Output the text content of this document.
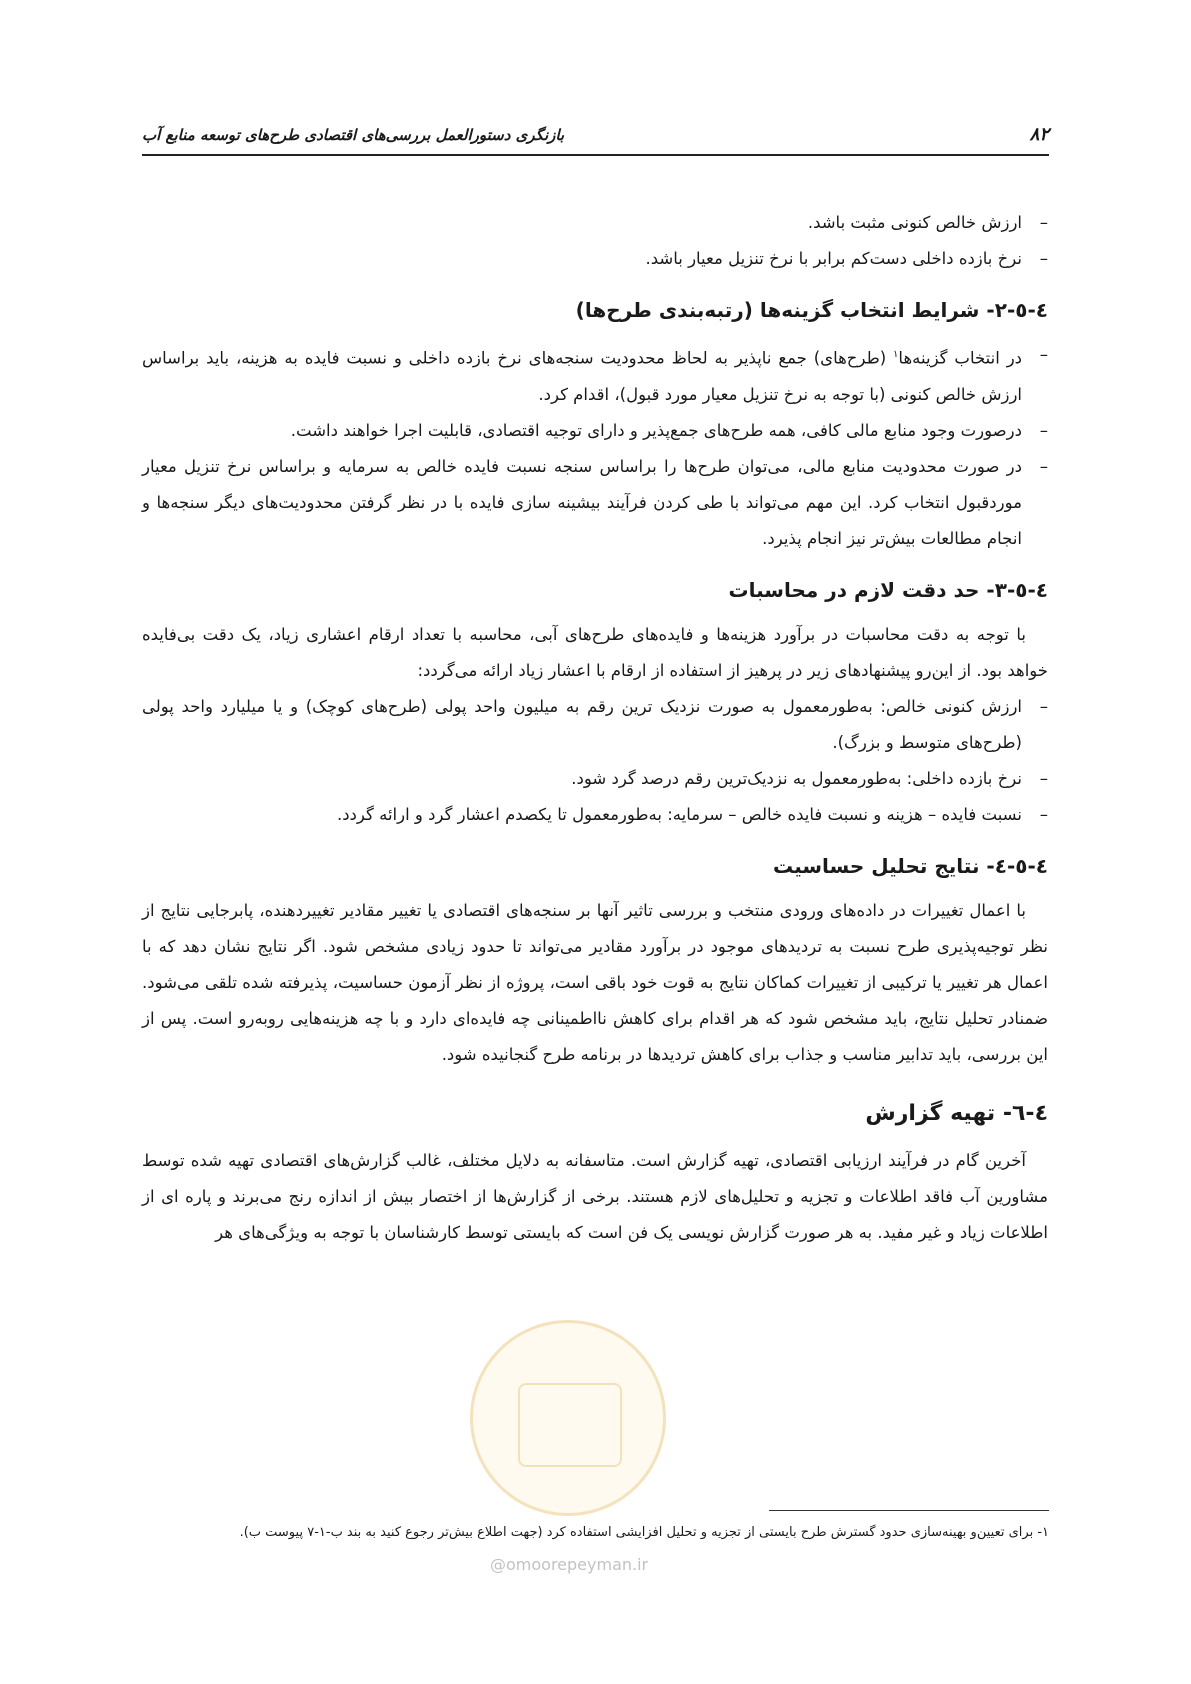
بازنگری دستورالعمل بررسی‌های اقتصادی طرح‌های توسعه منابع آب	۸۲
– ارزش خالص کنونی مثبت باشد.
– نرخ بازده داخلی دست‌کم برابر با نرخ تنزیل معیار باشد.
٤-٥-٢- شرایط انتخاب گزینه‌ها (رتبه‌بندی طرح‌ها)
– در انتخاب گزینه‌ها$^۱$ (طرح‌های) جمع ناپذیر به لحاظ محدودیت سنجه‌های نرخ بازده داخلی و نسبت فایده به هزینه، باید براساس ارزش خالص کنونی (با توجه به نرخ تنزیل معیار مورد قبول)، اقدام کرد.
– درصورت وجود منابع مالی کافی، همه طرح‌های جمع‌پذیر و دارای توجیه اقتصادی، قابلیت اجرا خواهند داشت.
– در صورت محدودیت منابع مالی، می‌توان طرح‌ها را براساس سنجه نسبت فایده خالص به سرمایه و براساس نرخ تنزیل معیار موردقبول انتخاب کرد. این مهم می‌تواند با طی کردن فرآیند بیشینه سازی فایده با در نظر گرفتن محدودیت‌های دیگر سنجه‌ها و انجام مطالعات بیش‌تر نیز انجام پذیرد.
٤-٥-٣- حد دقت لازم در محاسبات

با توجه به دقت محاسبات در برآورد هزینه‌ها و فایده‌های طرح‌های آبی، محاسبه با تعداد ارقام اعشاری زیاد، یک دقت بی‌فایده خواهد بود. از این‌رو پیشنهادهای زیر در پرهیز از استفاده از ارقام با اعشار زیاد ارائه می‌گردد:

– ارزش کنونی خالص: به‌طورمعمول به صورت نزدیک ترین رقم به میلیون واحد پولی (طرح‌های کوچک) و یا میلیارد واحد پولی (طرح‌های متوسط و بزرگ).
– نرخ بازده داخلی: به‌طورمعمول به نزدیک‌ترین رقم درصد گرد شود.
– نسبت فایده – هزینه و نسبت فایده خالص – سرمایه: به‌طورمعمول تا یکصدم اعشار گرد و ارائه گردد.
٤-٥-٤- نتایج تحلیل حساسیت

با اعمال تغییرات در داده‌های ورودی منتخب و بررسی تاثیر آنها بر سنجه‌های اقتصادی یا تغییر مقادیر تغییردهنده، پابرجایی نتایج از نظر توجیه‌پذیری طرح نسبت به تردیدهای موجود در برآورد مقادیر می‌تواند تا حدود زیادی مشخص شود. اگر نتایج نشان دهد که با اعمال هر تغییر یا ترکیبی از تغییرات کماکان نتایج به قوت خود باقی است، پروژه از نظر آزمون حساسیت، پذیرفته شده تلقی می‌شود. ضمنادر تحلیل نتایج، باید مشخص شود که هر اقدام برای کاهش نااطمینانی چه فایده‌ای دارد و با چه هزینه‌هایی روبه‌رو است. پس از این بررسی، باید تدابیر مناسب و جذاب برای کاهش تردیدها در برنامه طرح گنجانیده شود.

٤-٦- تهیه گزارش

آخرین گام در فرآیند ارزیابی اقتصادی، تهیه گزارش است. متاسفانه به دلایل مختلف، غالب گزارش‌های اقتصادی تهیه شده توسط مشاورین آب فاقد اطلاعات و تجزیه و تحلیل‌های لازم هستند. برخی از گزارش‌ها از اختصار بیش از اندازه رنج می‌برند و پاره ای از اطلاعات زیاد و غیر مفید. به هر صورت گزارش نویسی یک فن است که بایستی توسط کارشناسان با توجه به ویژگی‌های هر

@omoorepeyman.ir
۱- برای تعیین‌و بهینه‌سازی حدود گسترش طرح بایستی از تجزیه و تحلیل افزایشی استفاده کرد (جهت اطلاع بیش‌تر رجوع کنید به بند ب-۱-۷ پیوست ب).
